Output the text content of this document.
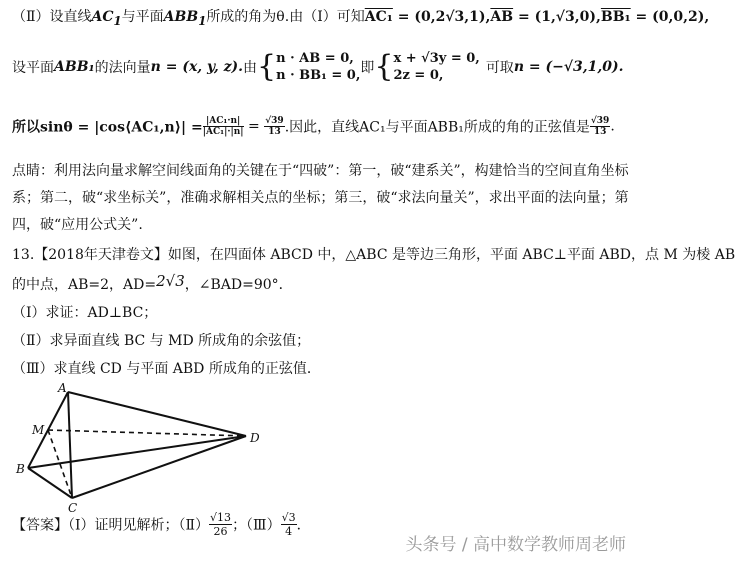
（Ⅱ）设直线$AC_1$与平面$ABB_1$所成的角为θ.由（Ⅰ）可知$AC_1 = (0,2√3,1),\overline{AB} = (1,√3,0),BB_1 = (0,0,2)$,
设平面ABB₁的法向量n = (x, y, z).由{ n · AB = 0,
n · BB₁ = 0, 即{ x + √3y = 0,
2z = 0,	可取n = (−√3,1,0).
所以sinθ = |cos⟨AC₁,n⟩| = $\frac{\text{|AC₁·n|}}{\text{|AC₁|·|n|}} = \frac{√39}{13}$ .因此，直线AC₁与平面ABB₁所成的角的正弦值是 $\frac{√39}{13}$ .
点睛：利用法向量求解空间线面角的关键在于“四破”：第一，破“建系关”，构建恰当的空间直角坐标
系；第二，破“求坐标关”，准确求解相关点的坐标；第三，破“求法向量关”，求出平面的法向量；第
四，破“应用公式关”.
13.【2018年天津卷文】如图，在四面体 ABCD 中，△ABC 是等边三角形，平面 ABC⊥平面 ABD，点 M 为棱 AB
的中点，AB=2，AD=2√3，∠BAD=90°．
（Ⅰ）求证：AD⊥BC；
（Ⅱ）求异面直线 BC 与 MD 所成角的余弦值；
（Ⅲ）求直线 CD 与平面 ABD 所成角的正弦值．
A
M
B
C
D
【答案】（Ⅰ）证明见解析；（Ⅱ） $\frac{√13}{26}$ ；（Ⅲ） $\frac{√3}{4}$ ．
头条号 / 高中数学教师周老师
